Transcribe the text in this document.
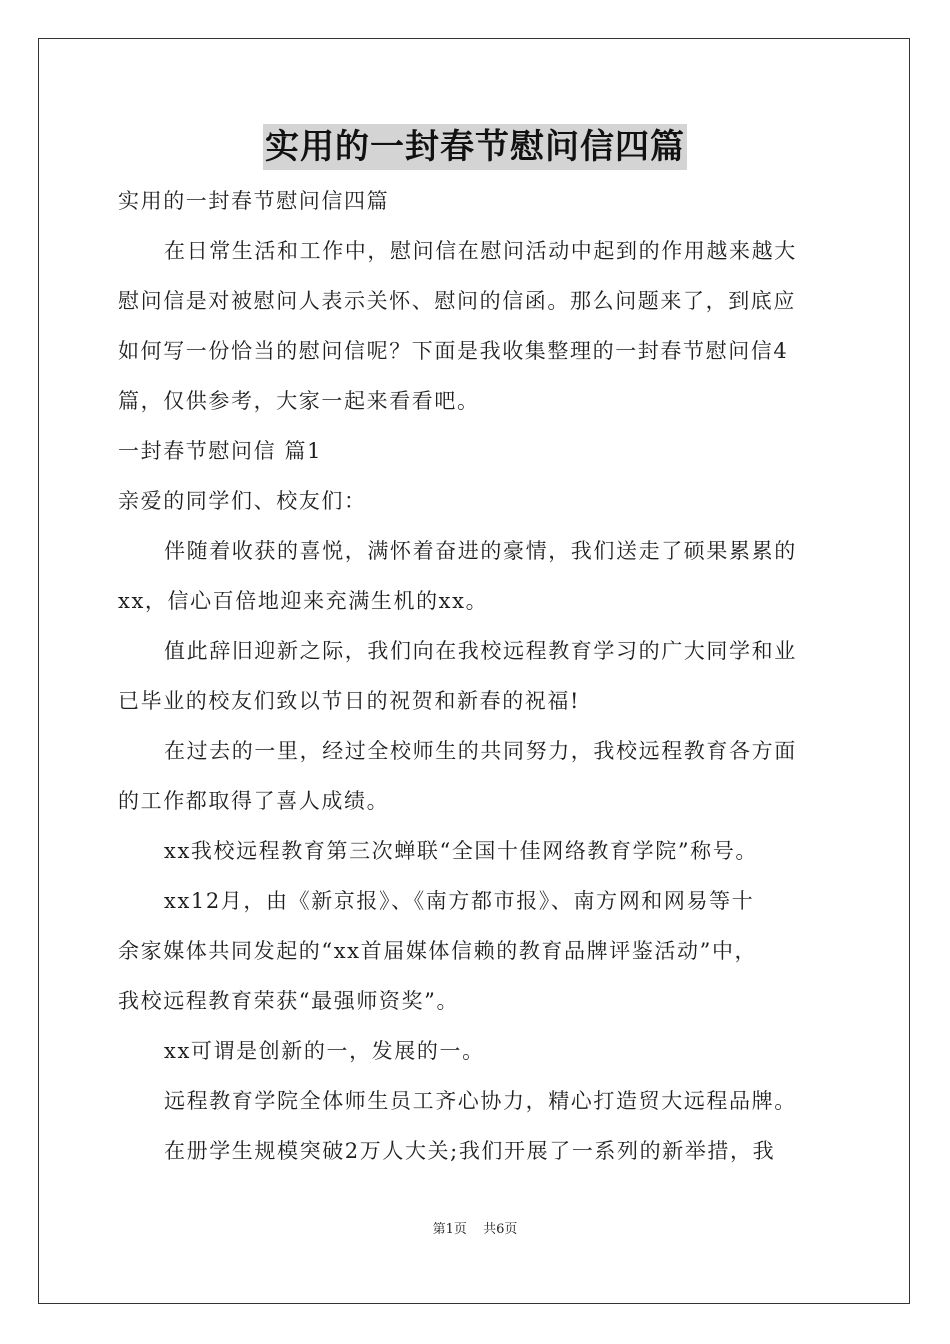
实用的一封春节慰问信四篇
实用的一封春节慰问信四篇
在日常生活和工作中，慰问信在慰问活动中起到的作用越来越大
慰问信是对被慰问人表示关怀、慰问的信函。那么问题来了，到底应
如何写一份恰当的慰问信呢？下面是我收集整理的一封春节慰问信4
篇，仅供参考，大家一起来看看吧。
一封春节慰问信 篇1
亲爱的同学们、校友们：
伴随着收获的喜悦，满怀着奋进的豪情，我们送走了硕果累累的
xx，信心百倍地迎来充满生机的xx。
值此辞旧迎新之际，我们向在我校远程教育学习的广大同学和业
已毕业的校友们致以节日的祝贺和新春的祝福!
在过去的一里，经过全校师生的共同努力，我校远程教育各方面
的工作都取得了喜人成绩。
xx我校远程教育第三次蝉联“全国十佳网络教育学院”称号。
xx12月，由《新京报》、《南方都市报》、南方网和网易等十
余家媒体共同发起的“xx首届媒体信赖的教育品牌评鉴活动”中，
我校远程教育荣获“最强师资奖”。
xx可谓是创新的一，发展的一。
远程教育学院全体师生员工齐心协力，精心打造贸大远程品牌。
在册学生规模突破2万人大关;我们开展了一系列的新举措，我
第1页 共6页
